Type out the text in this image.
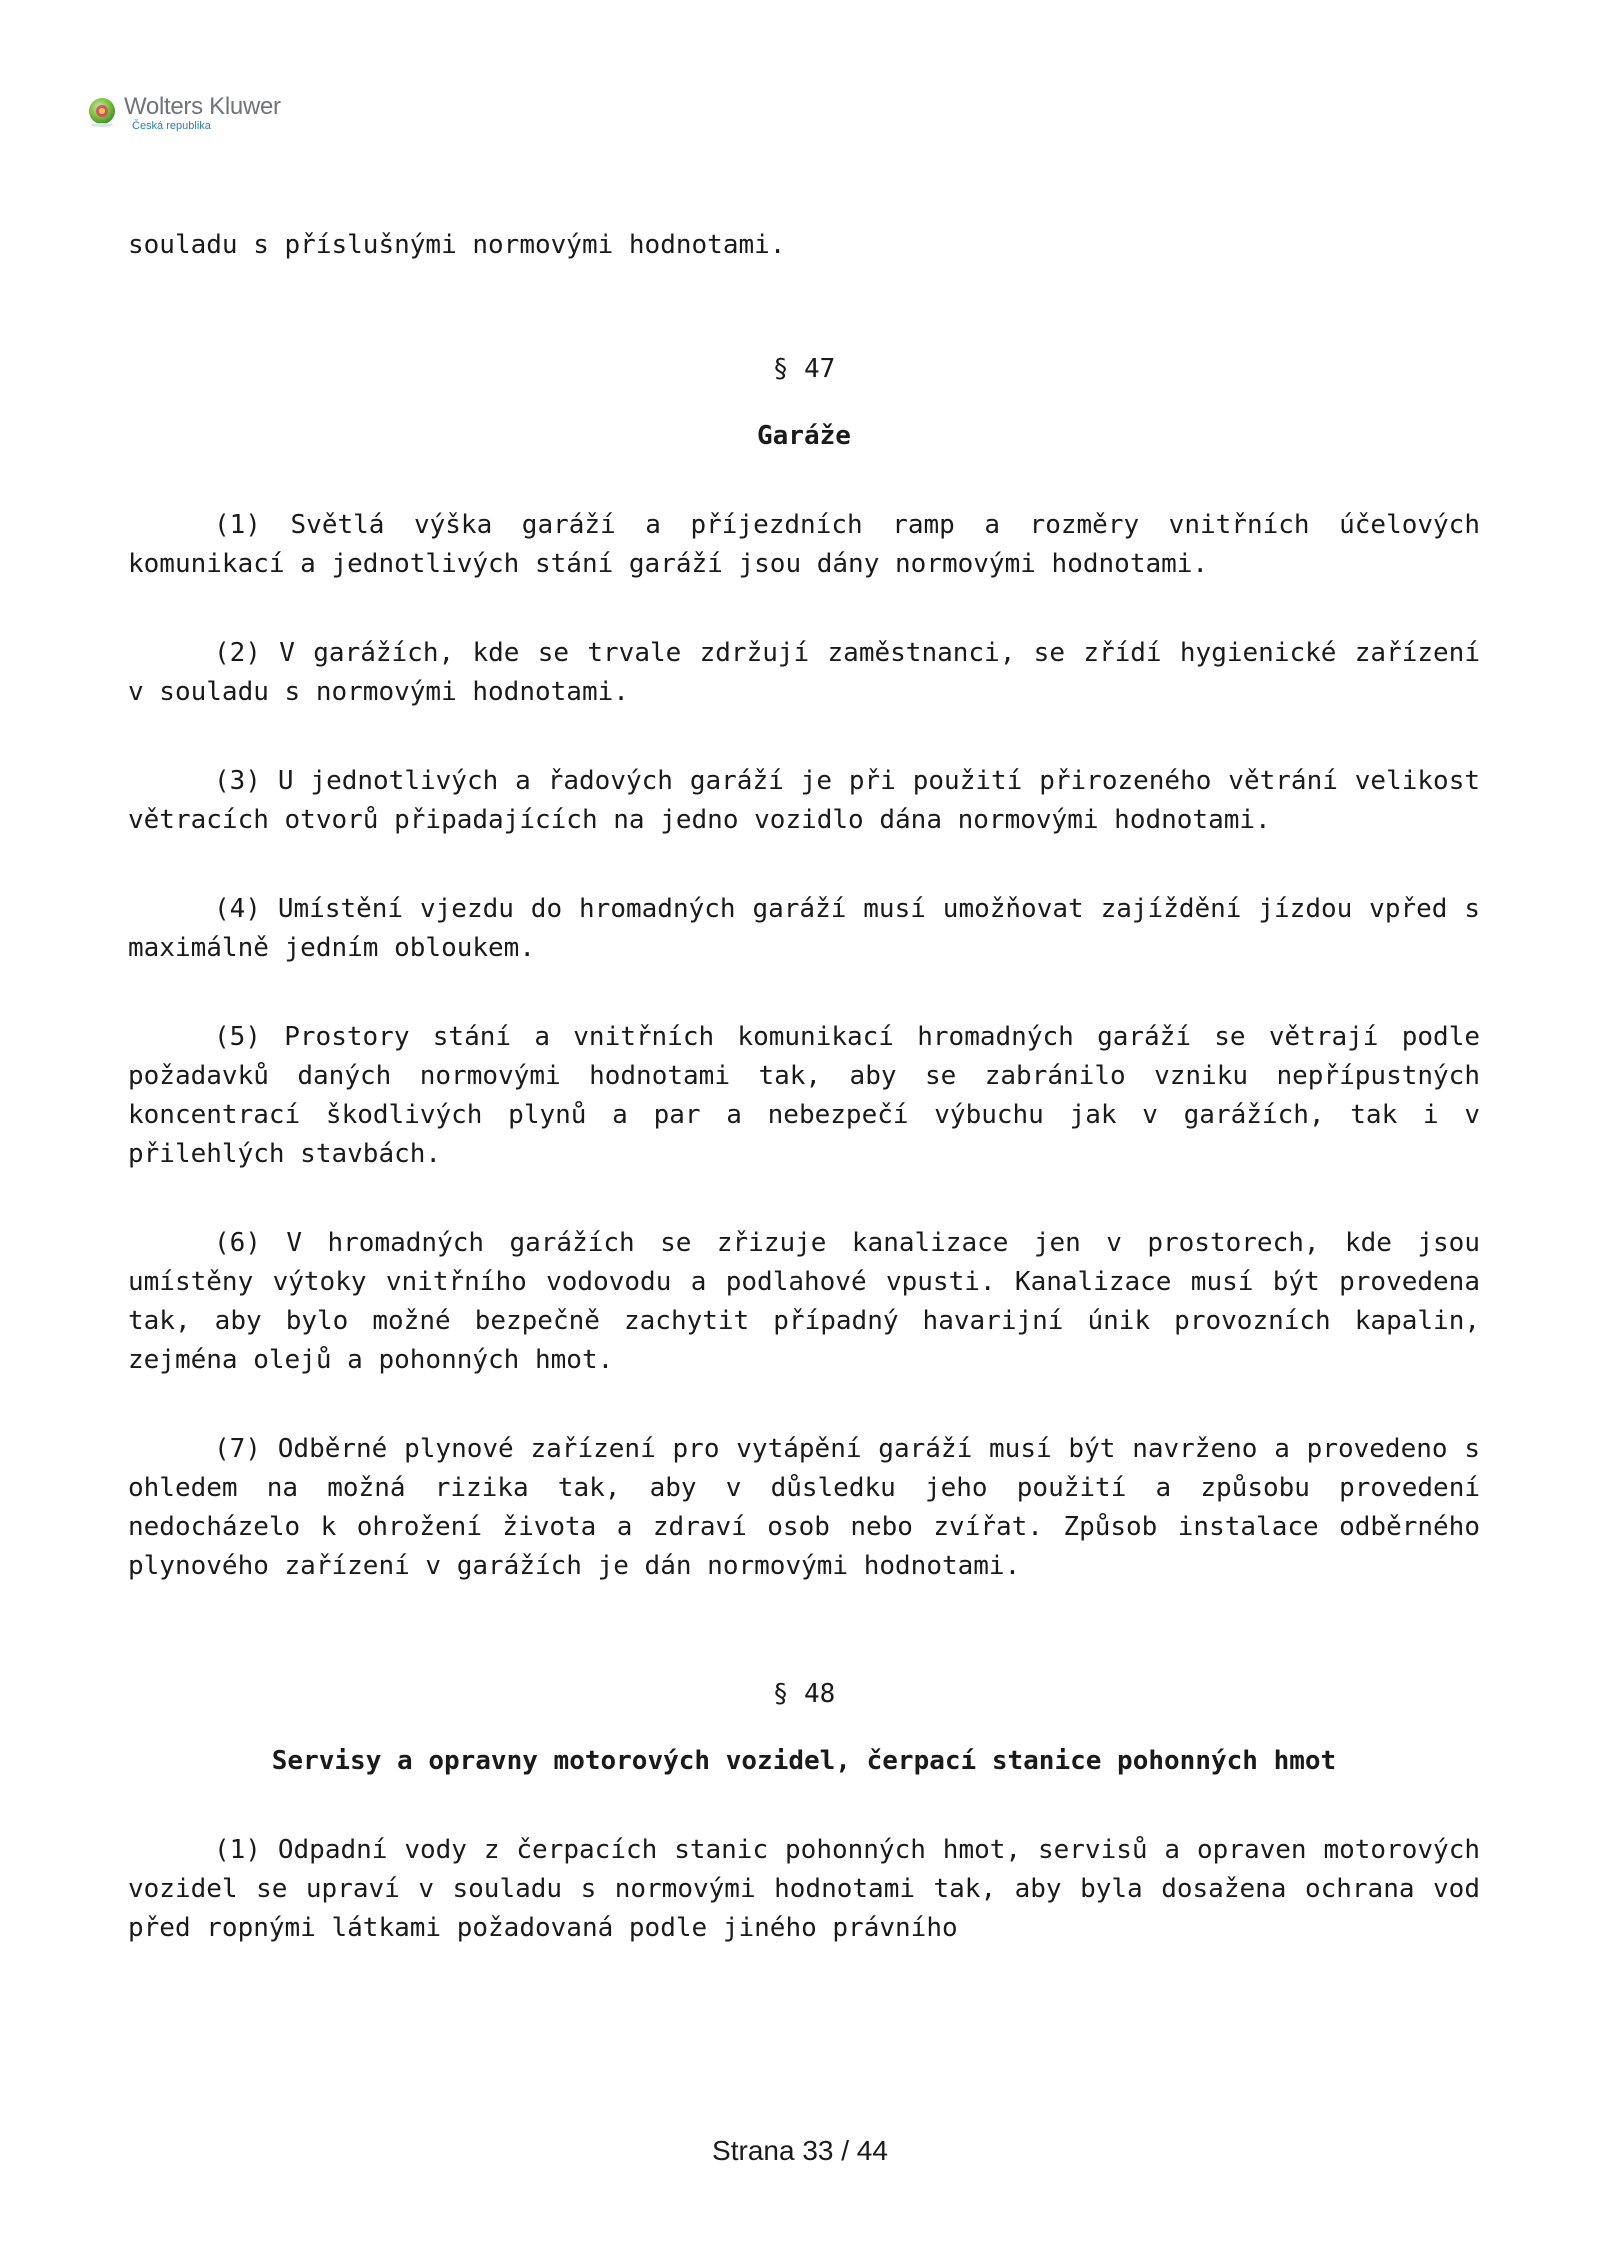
Wolters Kluwer
Česká republika

souladu s příslušnými normovými hodnotami.

§ 47

Garáže

(1) Světlá výška garáží a příjezdních ramp a rozměry vnitřních účelových komunikací a jednotlivých stání garáží jsou dány normovými hodnotami.

(2) V garážích, kde se trvale zdržují zaměstnanci, se zřídí hygienické zařízení v souladu s normovými hodnotami.

(3) U jednotlivých a řadových garáží je při použití přirozeného větrání velikost větracích otvorů připadajících na jedno vozidlo dána normovými hodnotami.

(4) Umístění vjezdu do hromadných garáží musí umožňovat zajíždění jízdou vpřed s maximálně jedním obloukem.

(5) Prostory stání a vnitřních komunikací hromadných garáží se větrají podle požadavků daných normovými hodnotami tak, aby se zabránilo vzniku nepřípustných koncentrací škodlivých plynů a par a nebezpečí výbuchu jak v garážích, tak i v přilehlých stavbách.

(6) V hromadných garážích se zřizuje kanalizace jen v prostorech, kde jsou umístěny výtoky vnitřního vodovodu a podlahové vpusti. Kanalizace musí být provedena tak, aby bylo možné bezpečně zachytit případný havarijní únik provozních kapalin, zejména olejů a pohonných hmot.

(7) Odběrné plynové zařízení pro vytápění garáží musí být navrženo a provedeno s ohledem na možná rizika tak, aby v důsledku jeho použití a způsobu provedení nedocházelo k ohrožení života a zdraví osob nebo zvířat. Způsob instalace odběrného plynového zařízení v garážích je dán normovými hodnotami.

§ 48

Servisy a opravny motorových vozidel, čerpací stanice pohonných hmot

(1) Odpadní vody z čerpacích stanic pohonných hmot, servisů a opraven motorových vozidel se upraví v souladu s normovými hodnotami tak, aby byla dosažena ochrana vod před ropnými látkami požadovaná podle jiného právního

Strana 33 / 44
